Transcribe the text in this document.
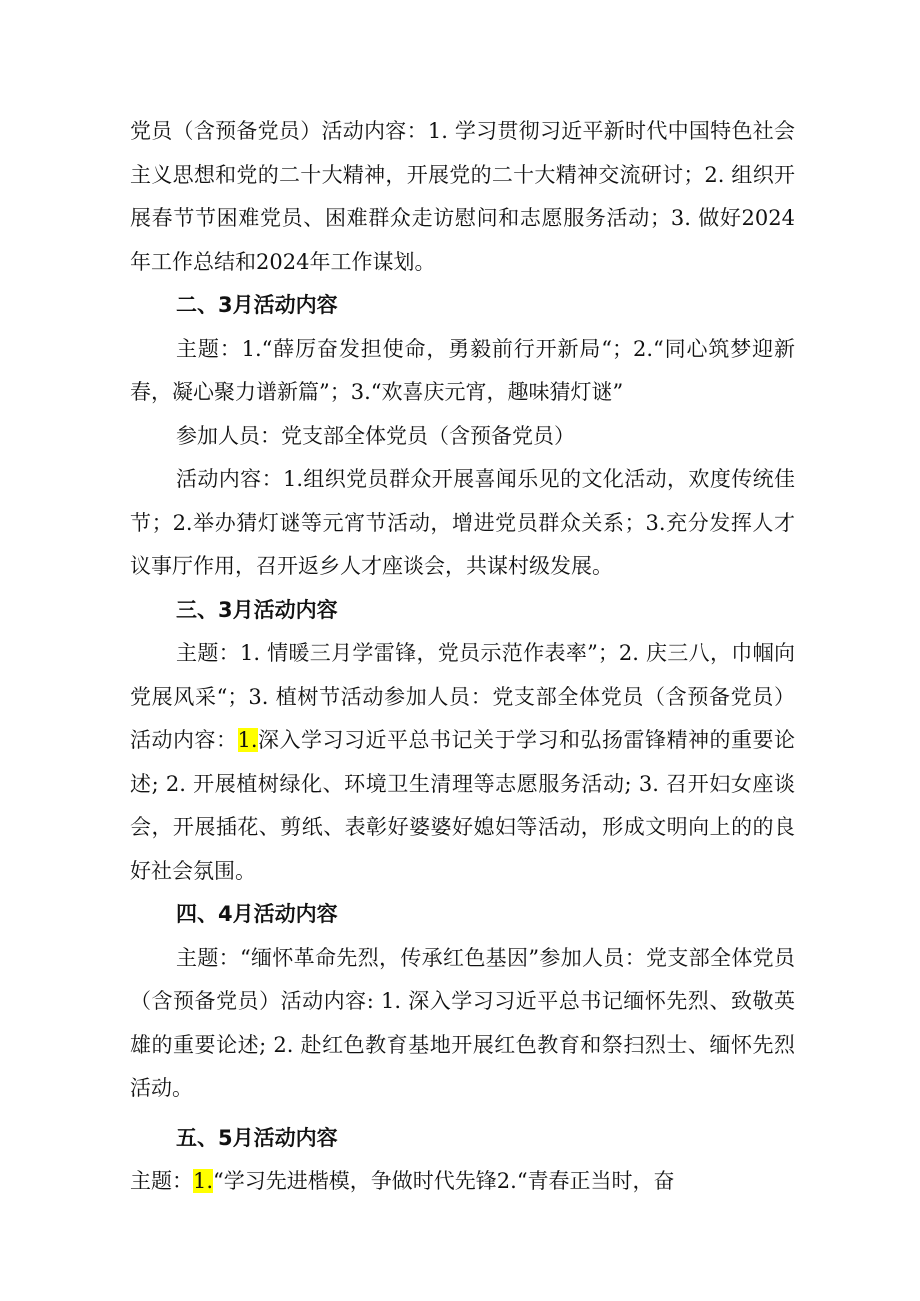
党员（含预备党员）活动内容：1. 学习贯彻习近平新时代中国特色社会主义思想和党的二十大精神，开展党的二十大精神交流研讨；2. 组织开展春节节困难党员、困难群众走访慰问和志愿服务活动；3. 做好2024年工作总结和2024年工作谋划。

二、3月活动内容

主题：1.“薛厉奋发担使命，勇毅前行开新局“；2.“同心筑梦迎新春，凝心聚力谱新篇”；3.“欢喜庆元宵，趣味猜灯谜”

参加人员：党支部全体党员（含预备党员）

活动内容：1.组织党员群众开展喜闻乐见的文化活动，欢度传统佳节；2.举办猜灯谜等元宵节活动，增进党员群众关系；3.充分发挥人才议事厅作用，召开返乡人才座谈会，共谋村级发展。

三、3月活动内容

主题：1. 情暖三月学雷锋，党员示范作表率”；2. 庆三八，巾帼向党展风采“；3. 植树节活动参加人员：党支部全体党员（含预备党员）活动内容：1.深入学习习近平总书记关于学习和弘扬雷锋精神的重要论述; 2. 开展植树绿化、环境卫生清理等志愿服务活动; 3. 召开妇女座谈会，开展插花、剪纸、表彰好婆婆好媳妇等活动，形成文明向上的的良好社会氛围。

四、4月活动内容

主题：“缅怀革命先烈，传承红色基因”参加人员：党支部全体党员（含预备党员）活动内容: 1. 深入学习习近平总书记缅怀先烈、致敬英雄的重要论述; 2. 赴红色教育基地开展红色教育和祭扫烈士、缅怀先烈活动。

五、5月活动内容

主题：1.“学习先进楷模，争做时代先锋2.“青春正当时，奋
